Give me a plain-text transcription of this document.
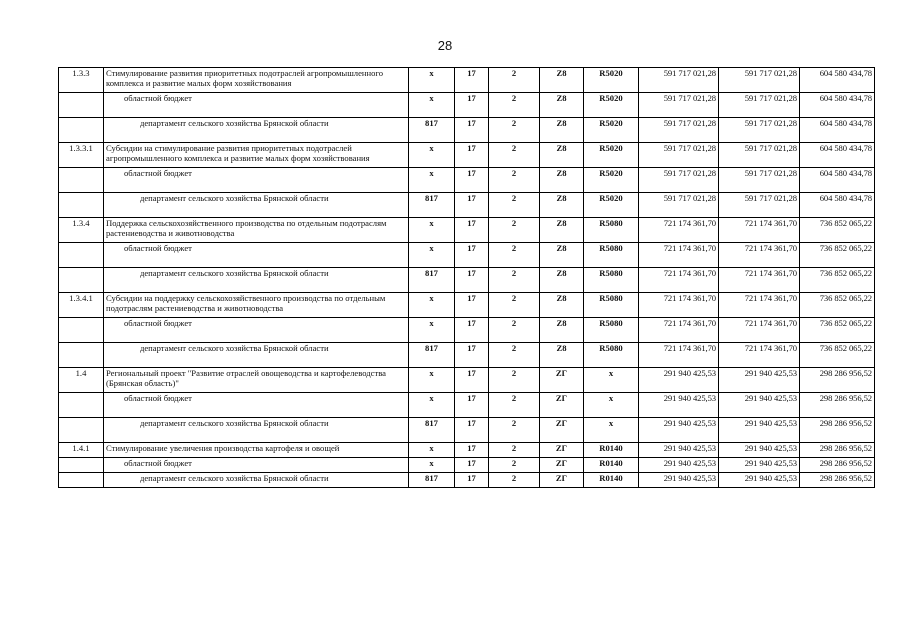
28
1.3.3	Стимулирование развития приоритетных подотраслей агропромышленного комплекса и развитие малых форм хозяйствования	х	17	2	Z8	R5020	591 717 021,28	591 717 021,28	604 580 434,78
	областной бюджет	х	17	2	Z8	R5020	591 717 021,28	591 717 021,28	604 580 434,78
	департамент сельского хозяйства Брянской области	817	17	2	Z8	R5020	591 717 021,28	591 717 021,28	604 580 434,78
1.3.3.1	Субсидии на стимулирование развития приоритетных подотраслей агропромышленного комплекса и развитие малых форм хозяйствования	х	17	2	Z8	R5020	591 717 021,28	591 717 021,28	604 580 434,78
	областной бюджет	х	17	2	Z8	R5020	591 717 021,28	591 717 021,28	604 580 434,78
	департамент сельского хозяйства Брянской области	817	17	2	Z8	R5020	591 717 021,28	591 717 021,28	604 580 434,78
1.3.4	Поддержка сельскохозяйственного производства по отдельным подотраслям растениеводства и животноводства	х	17	2	Z8	R5080	721 174 361,70	721 174 361,70	736 852 065,22
	областной бюджет	х	17	2	Z8	R5080	721 174 361,70	721 174 361,70	736 852 065,22
	департамент сельского хозяйства Брянской области	817	17	2	Z8	R5080	721 174 361,70	721 174 361,70	736 852 065,22
1.3.4.1	Субсидии на поддержку сельскохозяйственного производства по отдельным подотраслям растениеводства и животноводства	х	17	2	Z8	R5080	721 174 361,70	721 174 361,70	736 852 065,22
	областной бюджет	х	17	2	Z8	R5080	721 174 361,70	721 174 361,70	736 852 065,22
	департамент сельского хозяйства Брянской области	817	17	2	Z8	R5080	721 174 361,70	721 174 361,70	736 852 065,22
1.4	Региональный проект "Развитие отраслей овощеводства и картофелеводства (Брянская область)"	х	17	2	ZГ	х	291 940 425,53	291 940 425,53	298 286 956,52
	областной бюджет	х	17	2	ZГ	х	291 940 425,53	291 940 425,53	298 286 956,52
	департамент сельского хозяйства Брянской области	817	17	2	ZГ	х	291 940 425,53	291 940 425,53	298 286 956,52
1.4.1	Стимулирование увеличения производства картофеля и овощей	х	17	2	ZГ	R0140	291 940 425,53	291 940 425,53	298 286 956,52
	областной бюджет	х	17	2	ZГ	R0140	291 940 425,53	291 940 425,53	298 286 956,52
	департамент сельского хозяйства Брянской области	817	17	2	ZГ	R0140	291 940 425,53	291 940 425,53	298 286 956,52
